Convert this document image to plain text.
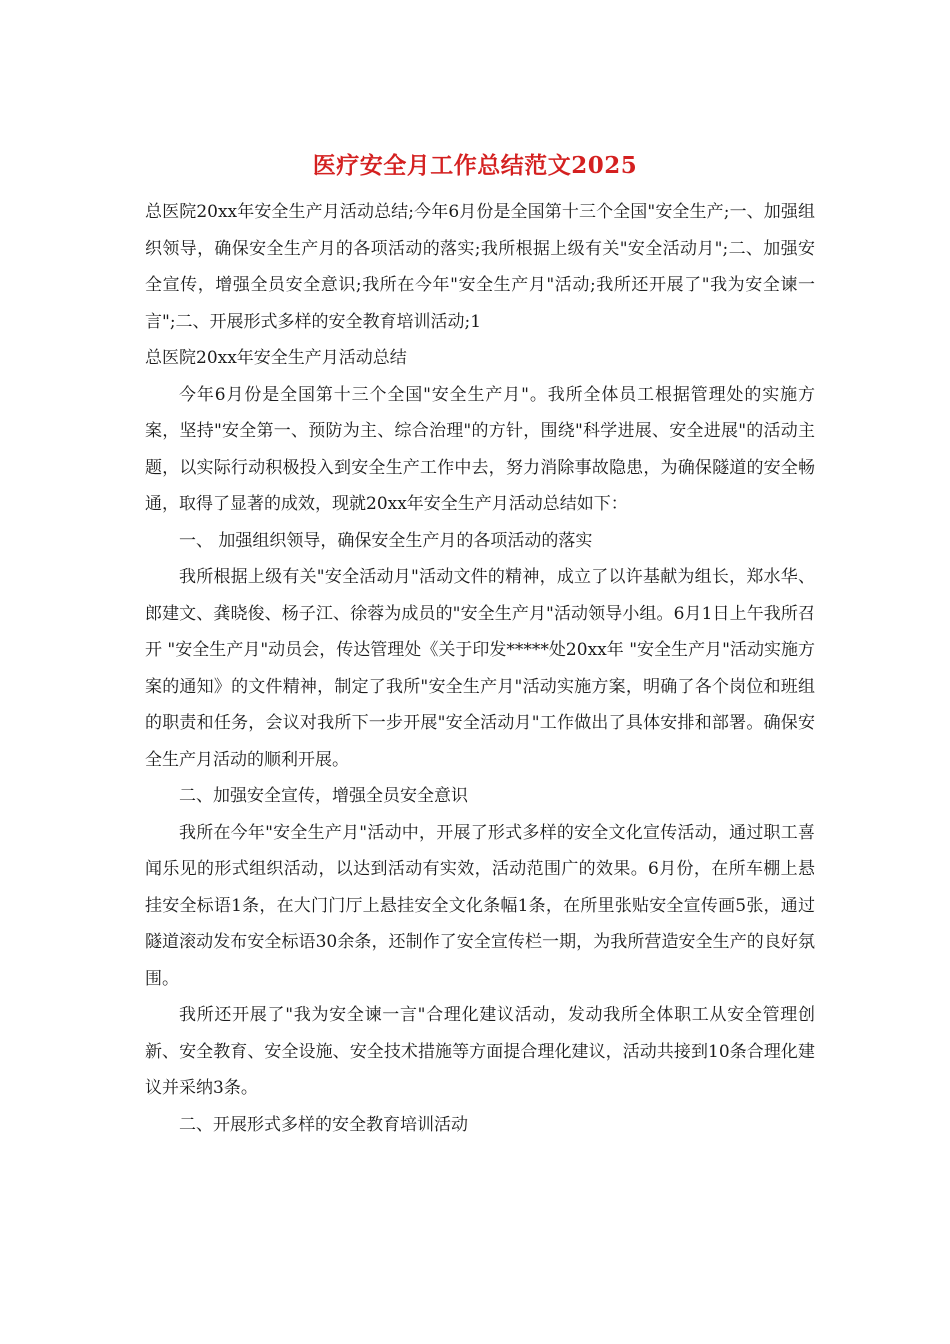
医疗安全月工作总结范文2025

总医院20xx年安全生产月活动总结;今年6月份是全国第十三个全国"安全生产;一、加强组织领导，确保安全生产月的各项活动的落实;我所根据上级有关"安全活动月";二、加强安全宣传，增强全员安全意识;我所在今年"安全生产月"活动;我所还开展了"我为安全谏一言";二、开展形式多样的安全教育培训活动;1

总医院20xx年安全生产月活动总结

今年6月份是全国第十三个全国"安全生产月"。我所全体员工根据管理处的实施方案，坚持"安全第一、预防为主、综合治理"的方针，围绕"科学进展、安全进展"的活动主题，以实际行动积极投入到安全生产工作中去，努力消除事故隐患，为确保隧道的安全畅通，取得了显著的成效，现就20xx年安全生产月活动总结如下：

一、 加强组织领导，确保安全生产月的各项活动的落实

我所根据上级有关"安全活动月"活动文件的精神，成立了以许基献为组长，郑水华、郎建文、龚晓俊、杨子江、徐蓉为成员的"安全生产月"活动领导小组。6月1日上午我所召开 "安全生产月"动员会，传达管理处《关于印发*****处20xx年 "安全生产月"活动实施方案的通知》的文件精神，制定了我所"安全生产月"活动实施方案，明确了各个岗位和班组的职责和任务，会议对我所下一步开展"安全活动月"工作做出了具体安排和部署。确保安全生产月活动的顺利开展。

二、加强安全宣传，增强全员安全意识

我所在今年"安全生产月"活动中，开展了形式多样的安全文化宣传活动，通过职工喜闻乐见的形式组织活动，以达到活动有实效，活动范围广的效果。6月份，在所车棚上悬挂安全标语1条，在大门门厅上悬挂安全文化条幅1条，在所里张贴安全宣传画5张，通过隧道滚动发布安全标语30余条，还制作了安全宣传栏一期，为我所营造安全生产的良好氛围。

我所还开展了"我为安全谏一言"合理化建议活动，发动我所全体职工从安全管理创新、安全教育、安全设施、安全技术措施等方面提合理化建议，活动共接到10条合理化建议并采纳3条。

二、开展形式多样的安全教育培训活动
